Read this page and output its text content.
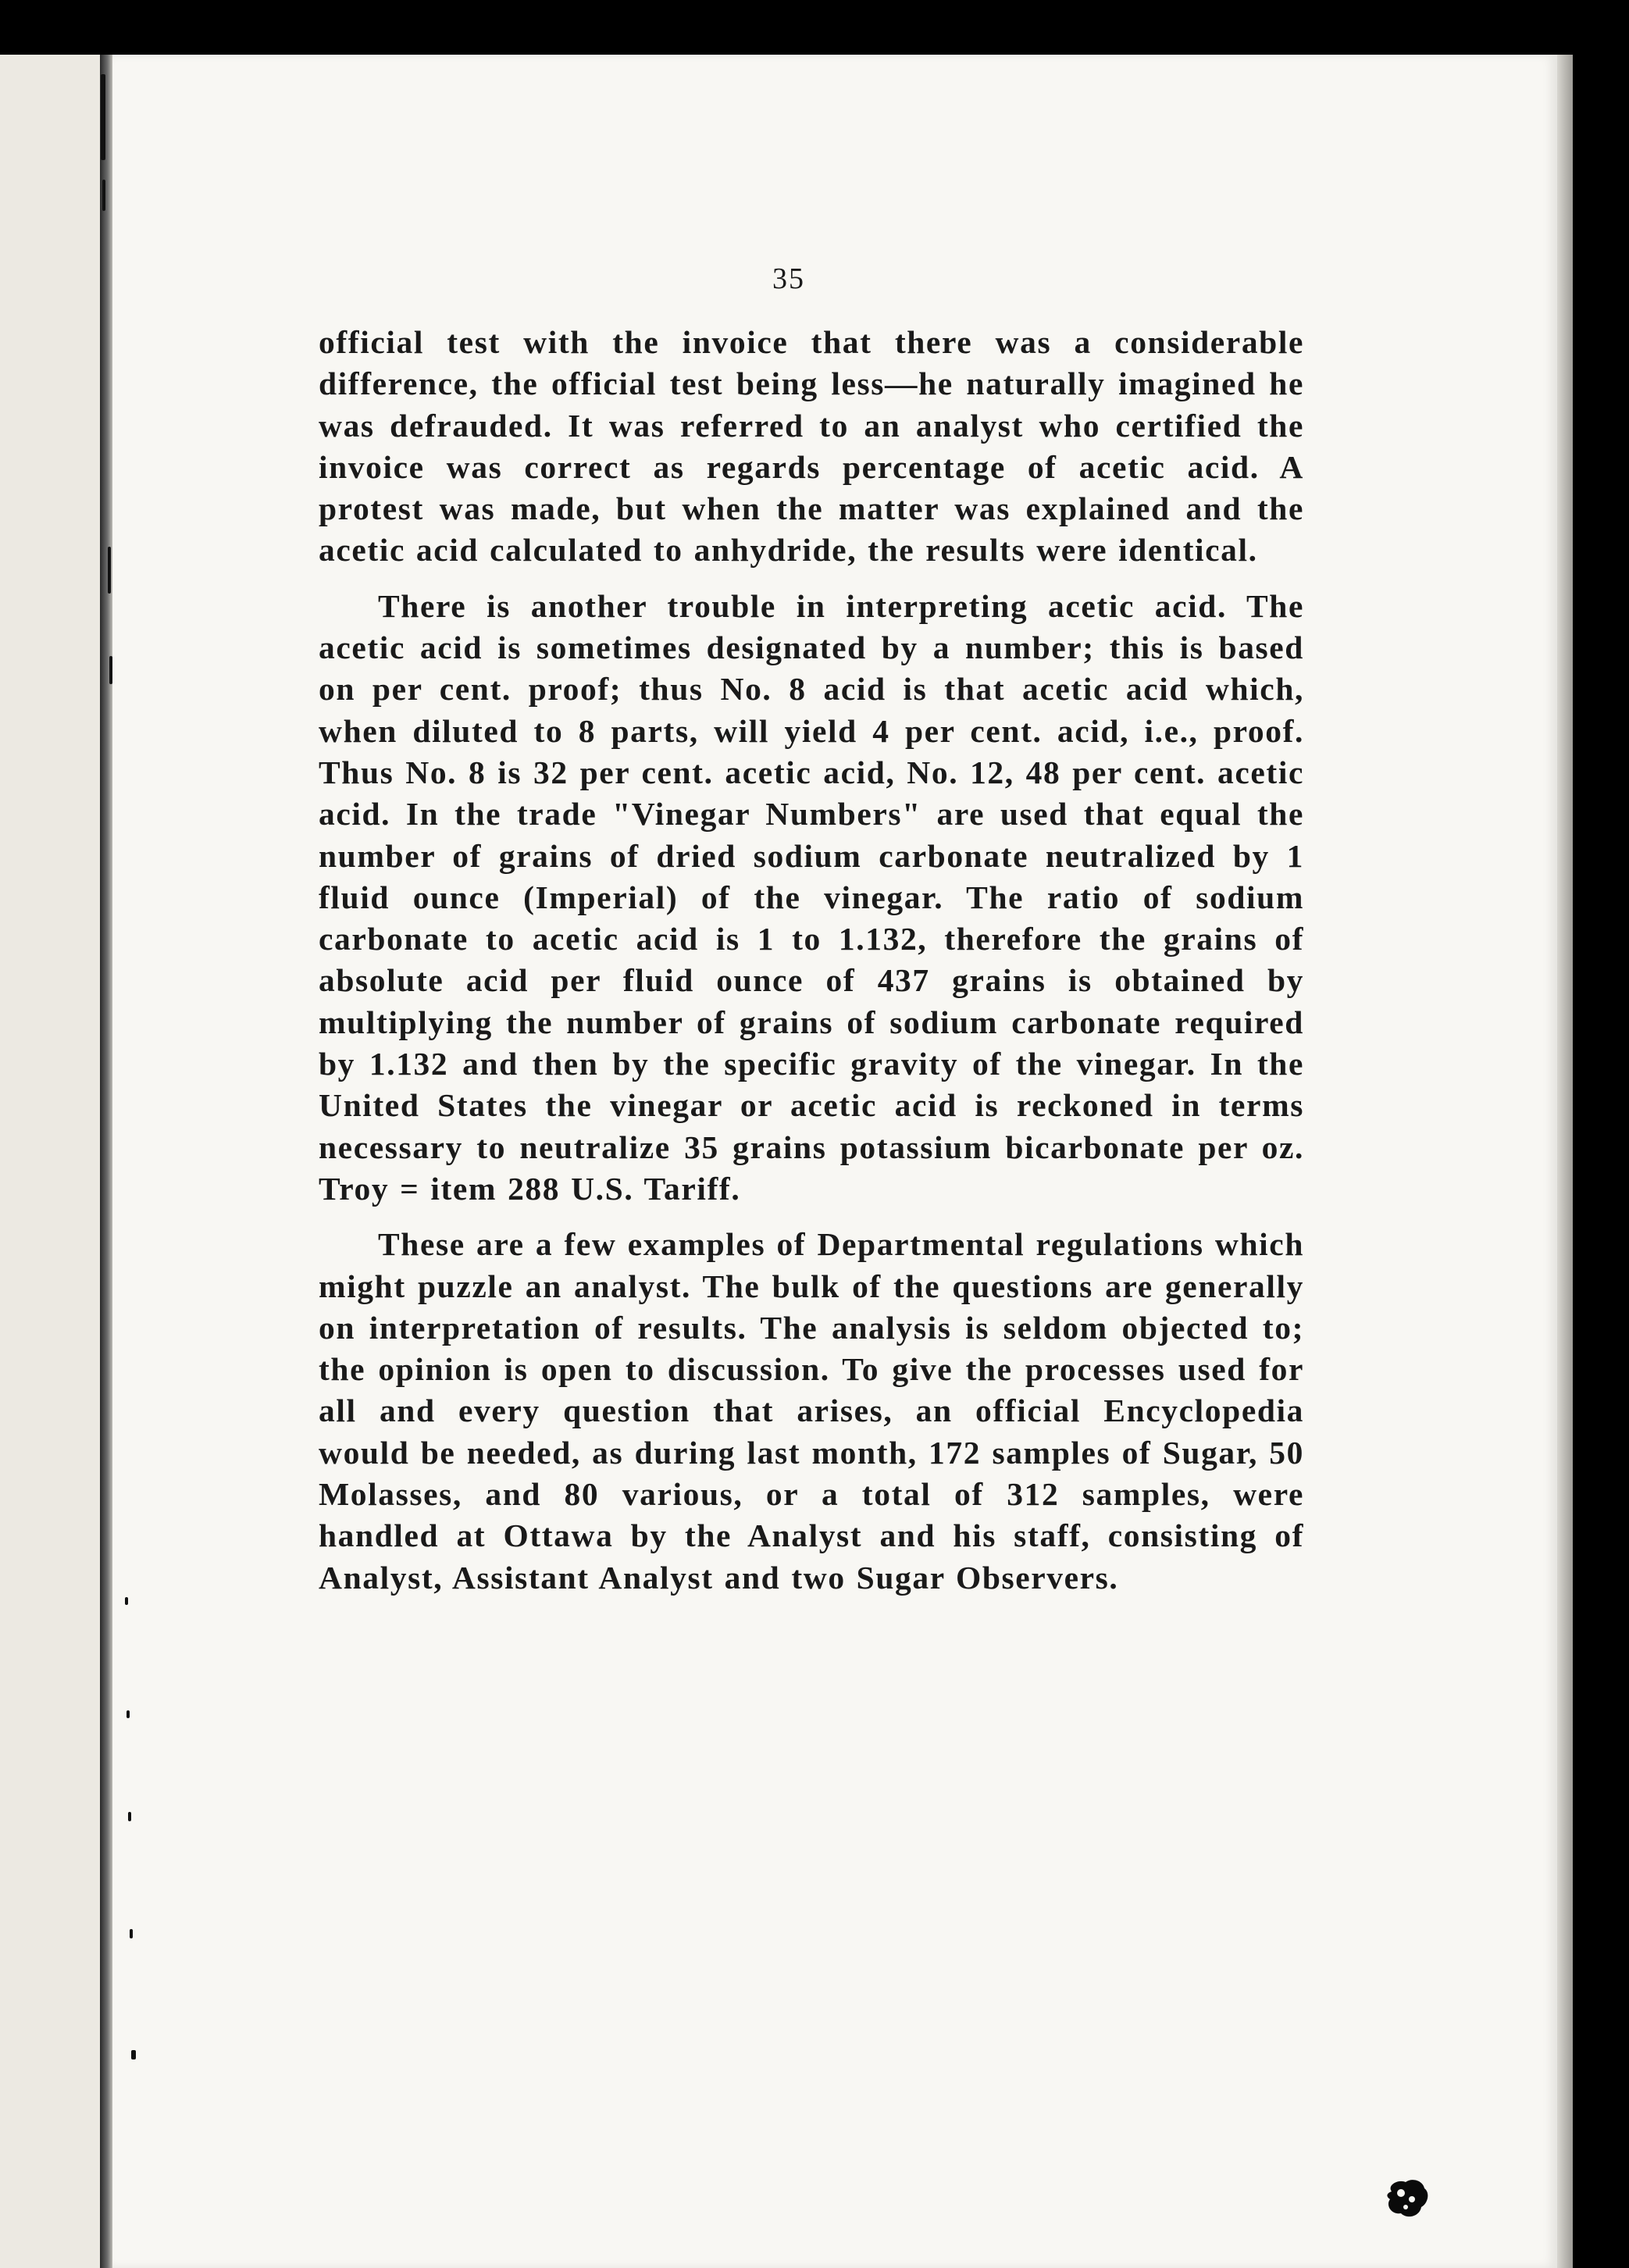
35

official test with the invoice that there was a considerable difference, the official test being less—he naturally imagined he was defrauded. It was referred to an analyst who certified the invoice was correct as regards percentage of acetic acid. A protest was made, but when the matter was explained and the acetic acid calculated to anhydride, the results were identical.

There is another trouble in interpreting acetic acid. The acetic acid is sometimes designated by a number; this is based on per cent. proof; thus No. 8 acid is that acetic acid which, when diluted to 8 parts, will yield 4 per cent. acid, i.e., proof. Thus No. 8 is 32 per cent. acetic acid, No. 12, 48 per cent. acetic acid. In the trade "Vinegar Numbers" are used that equal the number of grains of dried sodium carbonate neutralized by 1 fluid ounce (Imperial) of the vinegar. The ratio of sodium carbonate to acetic acid is 1 to 1.132, therefore the grains of absolute acid per fluid ounce of 437 grains is obtained by multiplying the number of grains of sodium carbonate required by 1.132 and then by the specific gravity of the vinegar. In the United States the vinegar or acetic acid is reckoned in terms necessary to neutralize 35 grains potassium bicarbonate per oz. Troy = item 288 U.S. Tariff.

These are a few examples of Departmental regulations which might puzzle an analyst. The bulk of the questions are generally on interpretation of results. The analysis is seldom objected to; the opinion is open to discussion. To give the processes used for all and every question that arises, an official Encyclopedia would be needed, as during last month, 172 samples of Sugar, 50 Molasses, and 80 various, or a total of 312 samples, were handled at Ottawa by the Analyst and his staff, consisting of Analyst, Assistant Analyst and two Sugar Observers.
